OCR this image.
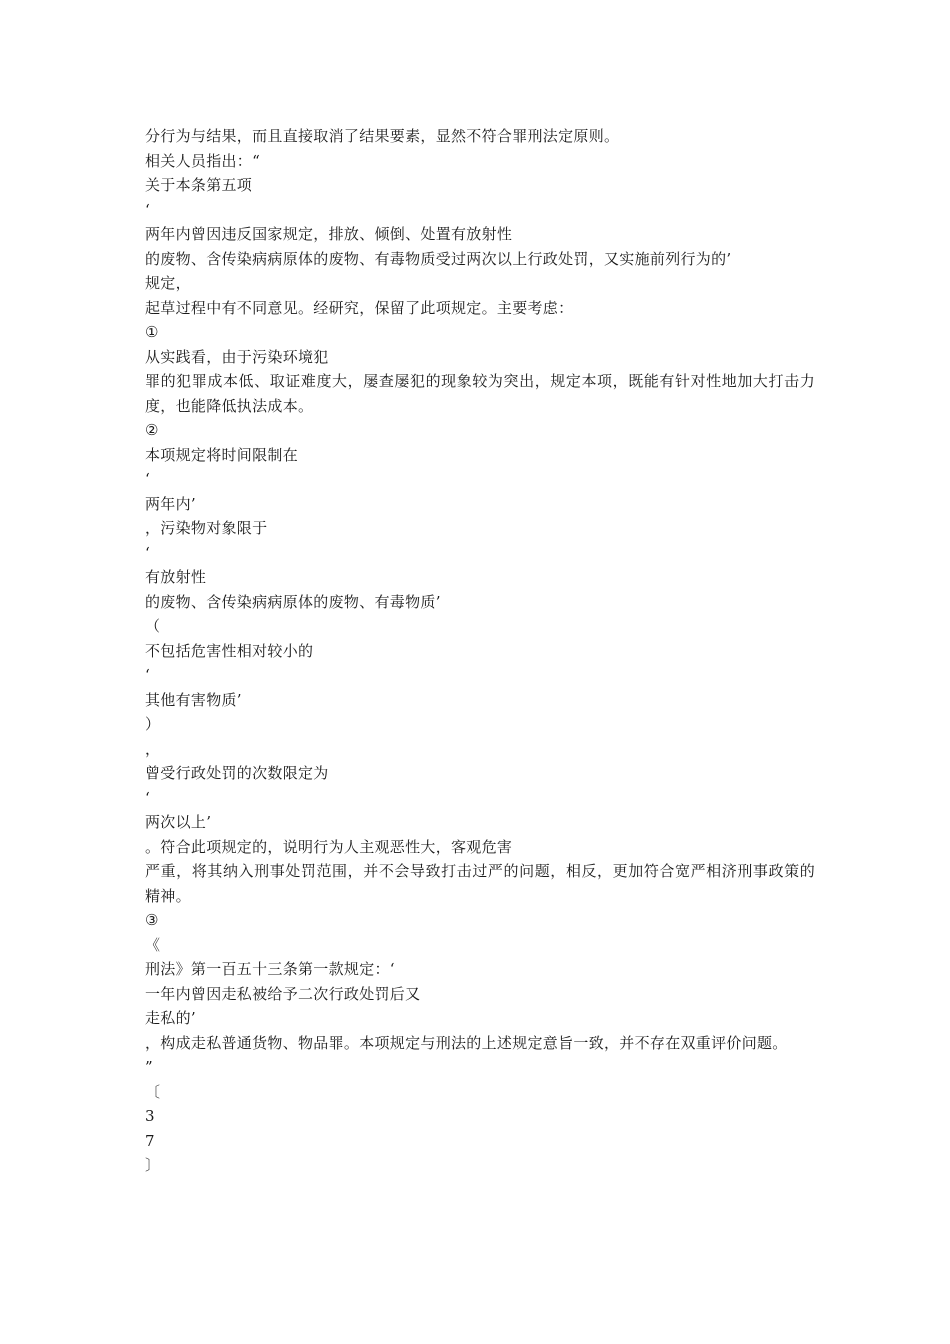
分行为与结果，而且直接取消了结果要素，显然不符合罪刑法定原则。
相关人员指出：“
关于本条第五项
‘
两年内曾因违反国家规定，排放、倾倒、处置有放射性
的废物、含传染病病原体的废物、有毒物质受过两次以上行政处罚，又实施前列行为的’
规定，
起草过程中有不同意见。经研究，保留了此项规定。主要考虑：
①
从实践看，由于污染环境犯
罪的犯罪成本低、取证难度大，屡查屡犯的现象较为突出，规定本项，既能有针对性地加大打击力度，也能降低执法成本。
②
本项规定将时间限制在
‘
两年内’
，污染物对象限于
‘
有放射性
的废物、含传染病病原体的废物、有毒物质’
（
不包括危害性相对较小的
‘
其他有害物质’
）
，
曾受行政处罚的次数限定为
‘
两次以上’
。符合此项规定的，说明行为人主观恶性大，客观危害
严重，将其纳入刑事处罚范围，并不会导致打击过严的问题，相反，更加符合宽严相济刑事政策的精神。
③
《
刑法》第一百五十三条第一款规定：‘
一年内曾因走私被给予二次行政处罚后又
走私的’
，构成走私普通货物、物品罪。本项规定与刑法的上述规定意旨一致，并不存在双重评价问题。
”
〔
3
7
〕
